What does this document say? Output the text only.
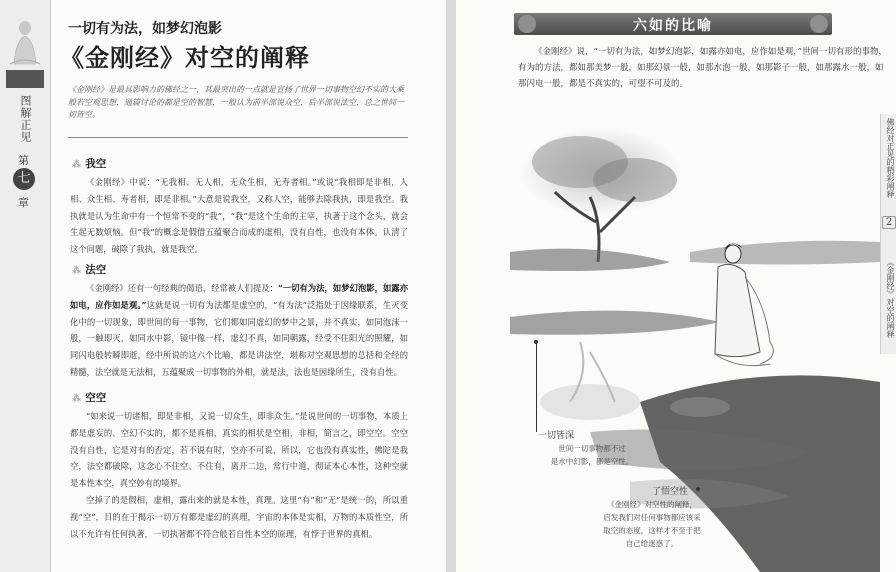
图解正见
第
七
章
一切有为法，如梦幻泡影
《金刚经》对空的阐释
《金刚经》是最具影响力的佛经之一，其最突出的一点就是宣扬了世界一切事物空幻不实的大乘般若空观思想，通篇讨论的都是空的智慧，一般认为前半部说众空，后半部说法空，总之世间一切皆空。
⁂ 我空
《金刚经》中说：“无我相、无人相，无众生相，无寿者相。”或说“我相即是非相，人相、众生相、寿者相，即是非相。”大意是说我空，又称人空，能够去除我执，即是我空。我执就是认为生命中有一个恒常不变的“我”，“我”是这个生命的主宰，执著于这个念头，就会生起无数烦恼。但“我”的概念是假借五蕴聚合而成的虚相，没有自性，也没有本体。认清了这个问题，破除了我执，就是我空。
⁂ 法空
《金刚经》还有一句经典的偈语，经常被人们提及：“一切有为法，如梦幻泡影，如露亦如电，应作如是观。”这就是说一切有为法都是虚空的，“有为法”泛指处于因缘联系，生灭变化中的一切现象，即世间的每一事物，它们都如同虚幻的梦中之景，并不真实，如同泡沫一般，一触即灭，如同水中影，镜中像一样，虚幻不真，如同朝露，经受不住阳光的照耀，如同闪电般转瞬即逝，经中所说的这六个比喻，都是讲法空，堪称对空观思想的总括和全经的精髓，法空就是无法相，五蕴聚成一切事物的外相，就是法，法也是因缘所生，没有自性。
⁂ 空空
“如来说一切诸相，即是非相，又说一切众生，即非众生。”是说世间的一切事物，本质上都是虚妄的、空幻不实的，都不是真相，真实的相状是空相，非相，简言之，即空空。空空没有自性，它是对有的否定，若不说有时，空亦不可说，所以，它也没有真实性，佛陀是我空，法空都破除，这念心不住空、不住有，离开二边，常行中道，彻证本心本性，这种空就是本性本空，真空妙有的境界。
空掉了的是假相，虚相，露出来的就是本性，真理。这里“有”和“无”是统一的，所以重视“空”，目的在于揭示一切万有都是虚幻的真理，宇宙的本体是实相，万物的本质性空，所以不允许有任何执著，一切执著都不符合般若自性本空的原理，有悖于世界的真相。
六如的比喻
《金刚经》说，“一切有为法，如梦幻泡影，如露亦如电，应作如是观，”世间一切有形的事物，有为的方法，都如那美梦一般，如那幻景一般，如那水泡一般，如那影子一般，如那露水一般，如那闪电一般，都是不真实的，可望不可及的。
一切皆深
世间一切事物都不过
是水中幻影，都是空性。
了悟空性
《金刚经》对空性的阐释，
启发我们对任何事物都应该采
取空的态度，这样才不至于把
自己给迷惑了。
佛经对正见的精彩阐释
2
《金刚经》对空的阐释
